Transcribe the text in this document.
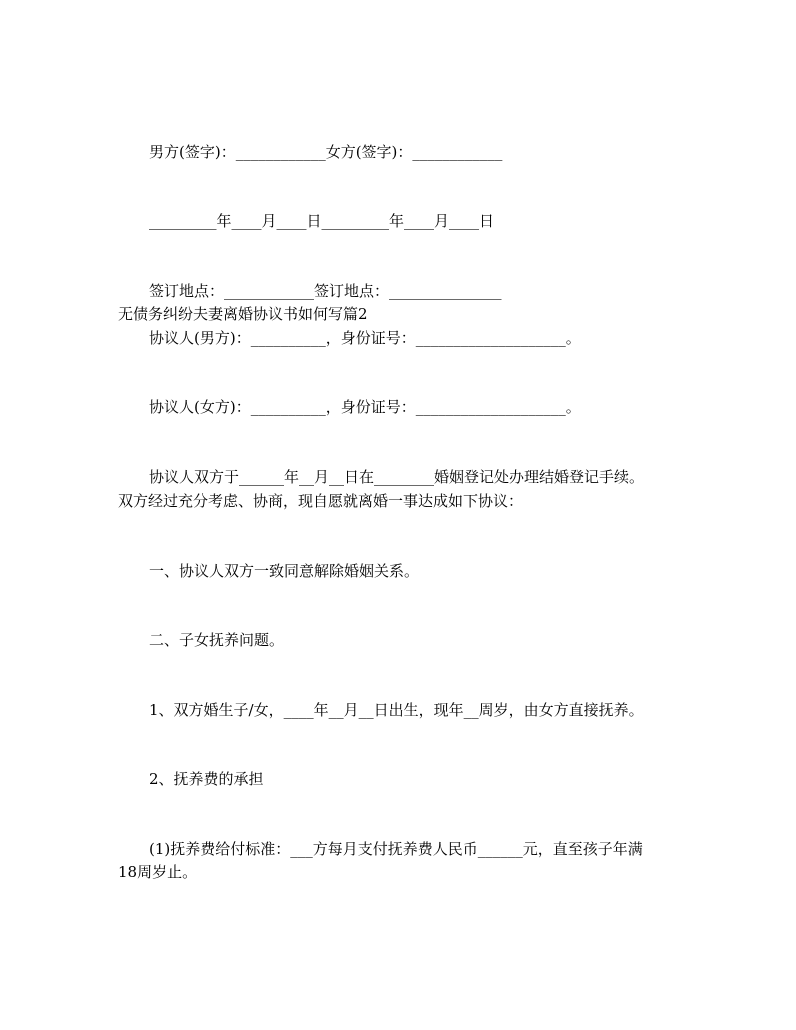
男方(签字)：____________女方(签字)：____________
_________年____月____日_________年____月____日
签订地点：____________签订地点：_______________
无债务纠纷夫妻离婚协议书如何写篇2
协议人(男方)：__________，身份证号：____________________。
协议人(女方)：__________，身份证号：____________________。
协议人双方于______年__月__日在________婚姻登记处办理结婚登记手续。
双方经过充分考虑、协商，现自愿就离婚一事达成如下协议：
一、协议人双方一致同意解除婚姻关系。
二、子女抚养问题。
1、双方婚生子/女，____年__月__日出生，现年__周岁，由女方直接抚养。
2、抚养费的承担
(1)抚养费给付标准：___方每月支付抚养费人民币______元，直至孩子年满
18周岁止。
